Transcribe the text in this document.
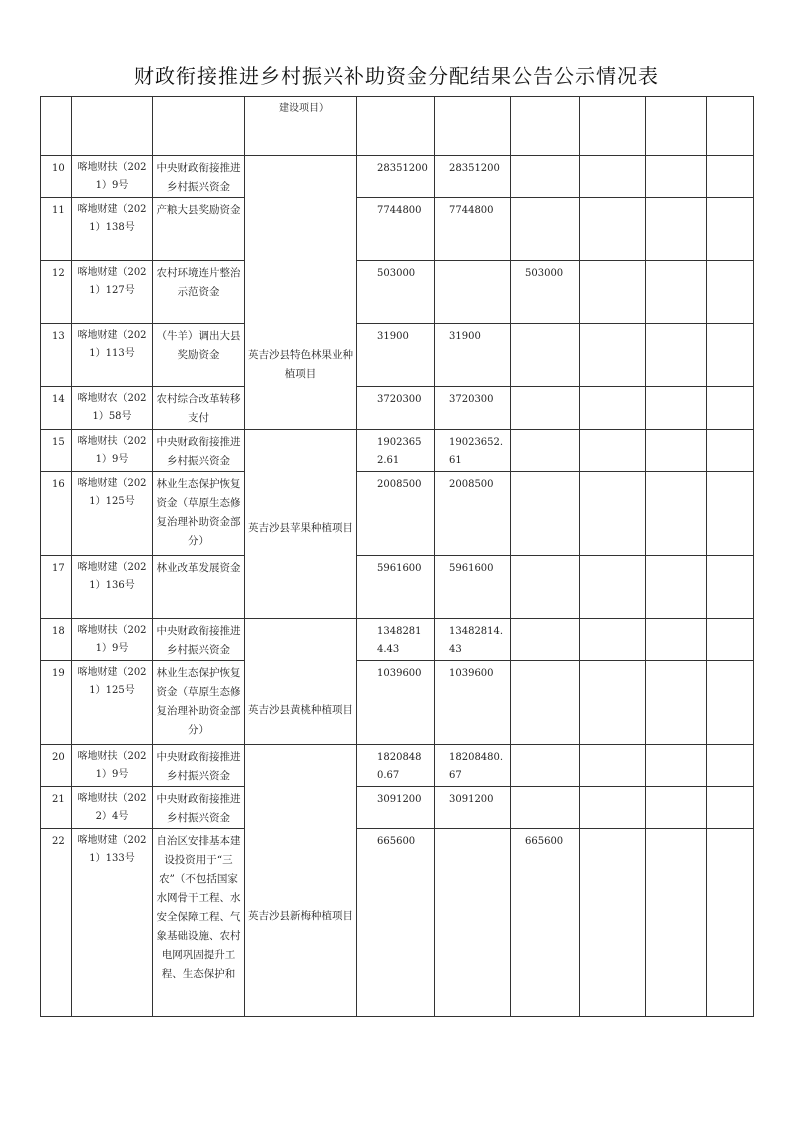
财政衔接推进乡村振兴补助资金分配结果公告公示情况表
			建设项目）						
10	喀地财扶（2021）9号	中央财政衔接推进乡村振兴资金	英吉沙县特色林果业种植项目	28351200	28351200				
11	喀地财建（2021）138号	产粮大县奖励资金		7744800	7744800				
12	喀地财建（2021）127号	农村环境连片整治示范资金		503000		503000			
13	喀地财建（2021）113号	（牛羊）调出大县奖励资金		31900	31900				
14	喀地财农（2021）58号	农村综合改革转移支付		3720300	3720300				
15	喀地财扶（2021）9号	中央财政衔接推进乡村振兴资金	英吉沙县苹果种植项目	19023652.61	19023652.61				
16	喀地财建（2021）125号	林业生态保护恢复资金（草原生态修复治理补助资金部分）		2008500	2008500				
17	喀地财建（2021）136号	林业改革发展资金		5961600	5961600				
18	喀地财扶（2021）9号	中央财政衔接推进乡村振兴资金	英吉沙县黄桃种植项目	13482814.43	13482814.43				
19	喀地财建（2021）125号	林业生态保护恢复资金（草原生态修复治理补助资金部分）		1039600	1039600				
20	喀地财扶（2021）9号	中央财政衔接推进乡村振兴资金	英吉沙县新梅种植项目	18208480.67	18208480.67				
21	喀地财扶（2022）4号	中央财政衔接推进乡村振兴资金		3091200	3091200				
22	喀地财建（2021）133号	自治区安排基本建设投资用于“三农”（不包括国家水网骨干工程、水安全保障工程、气象基础设施、农村电网巩固提升工程、生态保护和		665600		665600			
